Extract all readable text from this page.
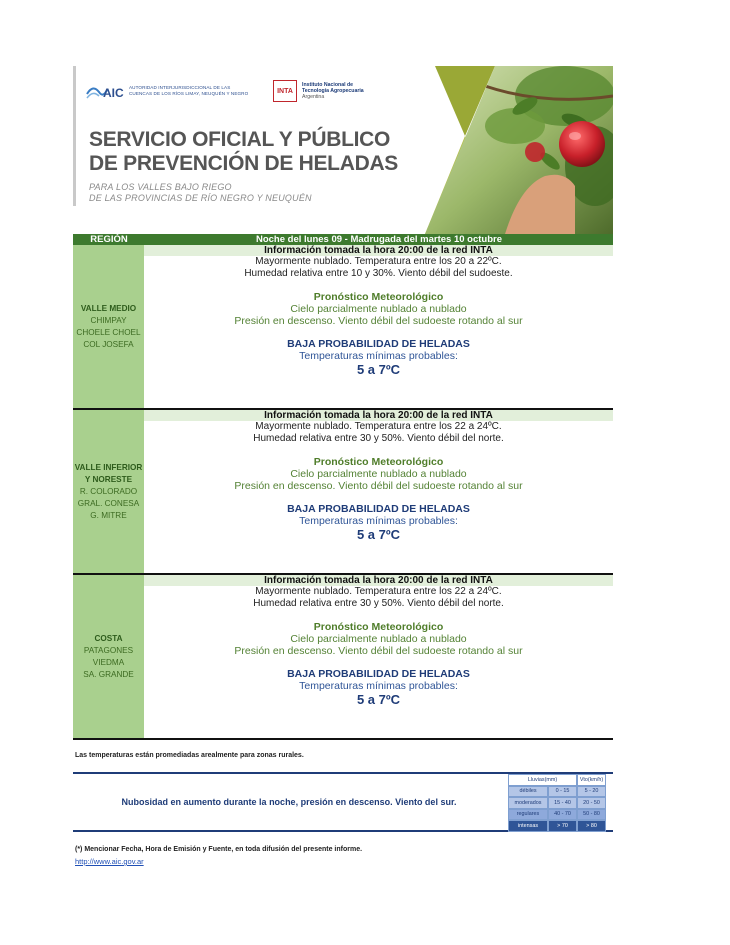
AIC AUTORIDAD INTERJURISDICCIONAL DE LAS
CUENCAS DE LOS RÍOS LIMAY, NEUQUÉN Y NEGRO	INTA
Instituto Nacional de
Tecnología Agropecuaria
Argentina
SERVICIO OFICIAL Y PÚBLICO
DE PREVENCIÓN DE HELADAS
PARA LOS VALLES BAJO RIEGO
DE LAS PROVINCIAS DE RÍO NEGRO Y NEUQUÉN
REGIÓN	Noche del lunes 09 - Madrugada del martes 10 octubre
VALLE MEDIO
CHIMPAY
CHOELE CHOEL
COL JOSEFA
Información tomada la hora 20:00 de la red INTA
Mayormente nublado. Temperatura entre los 20 a 22ºC.
Humedad relativa entre 10 y 30%. Viento débil del sudoeste.
Pronóstico Meteorológico
Cielo parcialmente nublado a nublado
Presión en descenso. Viento débil del sudoeste rotando al sur
BAJA PROBABILIDAD DE HELADAS
Temperaturas mínimas probables:
5 a 7ºC
VALLE INFERIOR
Y NORESTE
R. COLORADO
GRAL. CONESA
G. MITRE
Información tomada la hora 20:00 de la red INTA
Mayormente nublado. Temperatura entre los 22 a 24ºC.
Humedad relativa entre 30 y 50%. Viento débil del norte.
Pronóstico Meteorológico
Cielo parcialmente nublado a nublado
Presión en descenso. Viento débil del sudoeste rotando al sur
BAJA PROBABILIDAD DE HELADAS
Temperaturas mínimas probables:
5 a 7ºC
COSTA
PATAGONES
VIEDMA
SA. GRANDE
Información tomada la hora 20:00 de la red INTA
Mayormente nublado. Temperatura entre los 22 a 24ºC.
Humedad relativa entre 30 y 50%. Viento débil del norte.
Pronóstico Meteorológico
Cielo parcialmente nublado a nublado
Presión en descenso. Viento débil del sudoeste rotando al sur
BAJA PROBABILIDAD DE HELADAS
Temperaturas mínimas probables:
5 a 7ºC
Las temperaturas están promediadas arealmente para zonas rurales.
Nubosidad en aumento durante la noche, presión en descenso. Viento del sur.
Lluvias(mm)	Vto(km/h)
débiles	0 - 15	5 - 20
moderados	15 - 40	20 - 50
regulares	40 - 70	50 - 80
intensas	> 70	> 80
(*) Mencionar Fecha, Hora de Emisión y Fuente, en toda difusión del presente informe.
http://www.aic.gov.ar
